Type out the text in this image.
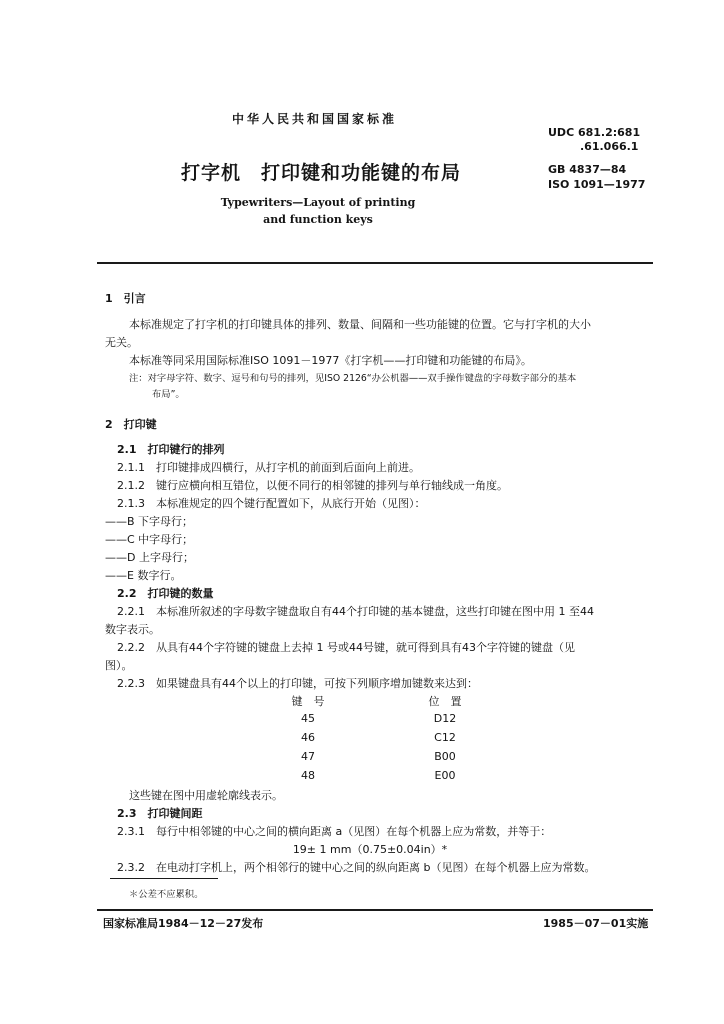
中华人民共和国国家标准
打字机　打印键和功能键的布局
Typewriters—Layout of printing
and function keys
UDC 681.2:681
.61.066.1
GB 4837—84
ISO 1091—1977
1　引言
本标准规定了打字机的打印键具体的排列、数量、间隔和一些功能键的位置。它与打字机的大小
无关。
本标准等同采用国际标准ISO 1091－1977《打字机——打印键和功能键的布局》。
注：对字母字符、数字、逗号和句号的排列，见ISO 2126“办公机器——双手操作键盘的字母数字部分的基本
布局”。
2　打印键
2.1　打印键行的排列
2.1.1　打印键排成四横行，从打字机的前面到后面向上前进。
2.1.2　键行应横向相互错位，以便不同行的相邻键的排列与单行轴线成一角度。
2.1.3　本标准规定的四个键行配置如下，从底行开始（见图）：
——B 下字母行；
——C 中字母行；
——D 上字母行；
——E 数字行。
2.2　打印键的数量
2.2.1　本标准所叙述的字母数字键盘取自有44个打印键的基本键盘，这些打印键在图中用 1 至44
数字表示。
2.2.2　从具有44个字符键的键盘上去掉 1 号或44号键，就可得到具有43个字符键的键盘（见
图）。
2.2.3　如果键盘具有44个以上的打印键，可按下列顺序增加键数来达到：
键　号	位　置
45	D12
46	C12
47	B00
48	E00
这些键在图中用虚轮廓线表示。
2.3　打印键间距
2.3.1　每行中相邻键的中心之间的横向距离 a（见图）在每个机器上应为常数，并等于：
19± 1 mm（0.75±0.04in）*
2.3.2　在电动打字机上，两个相邻行的键中心之间的纵向距离 b（见图）在每个机器上应为常数。
＊公差不应累积。
国家标准局1984－12－27发布	1985－07－01实施
